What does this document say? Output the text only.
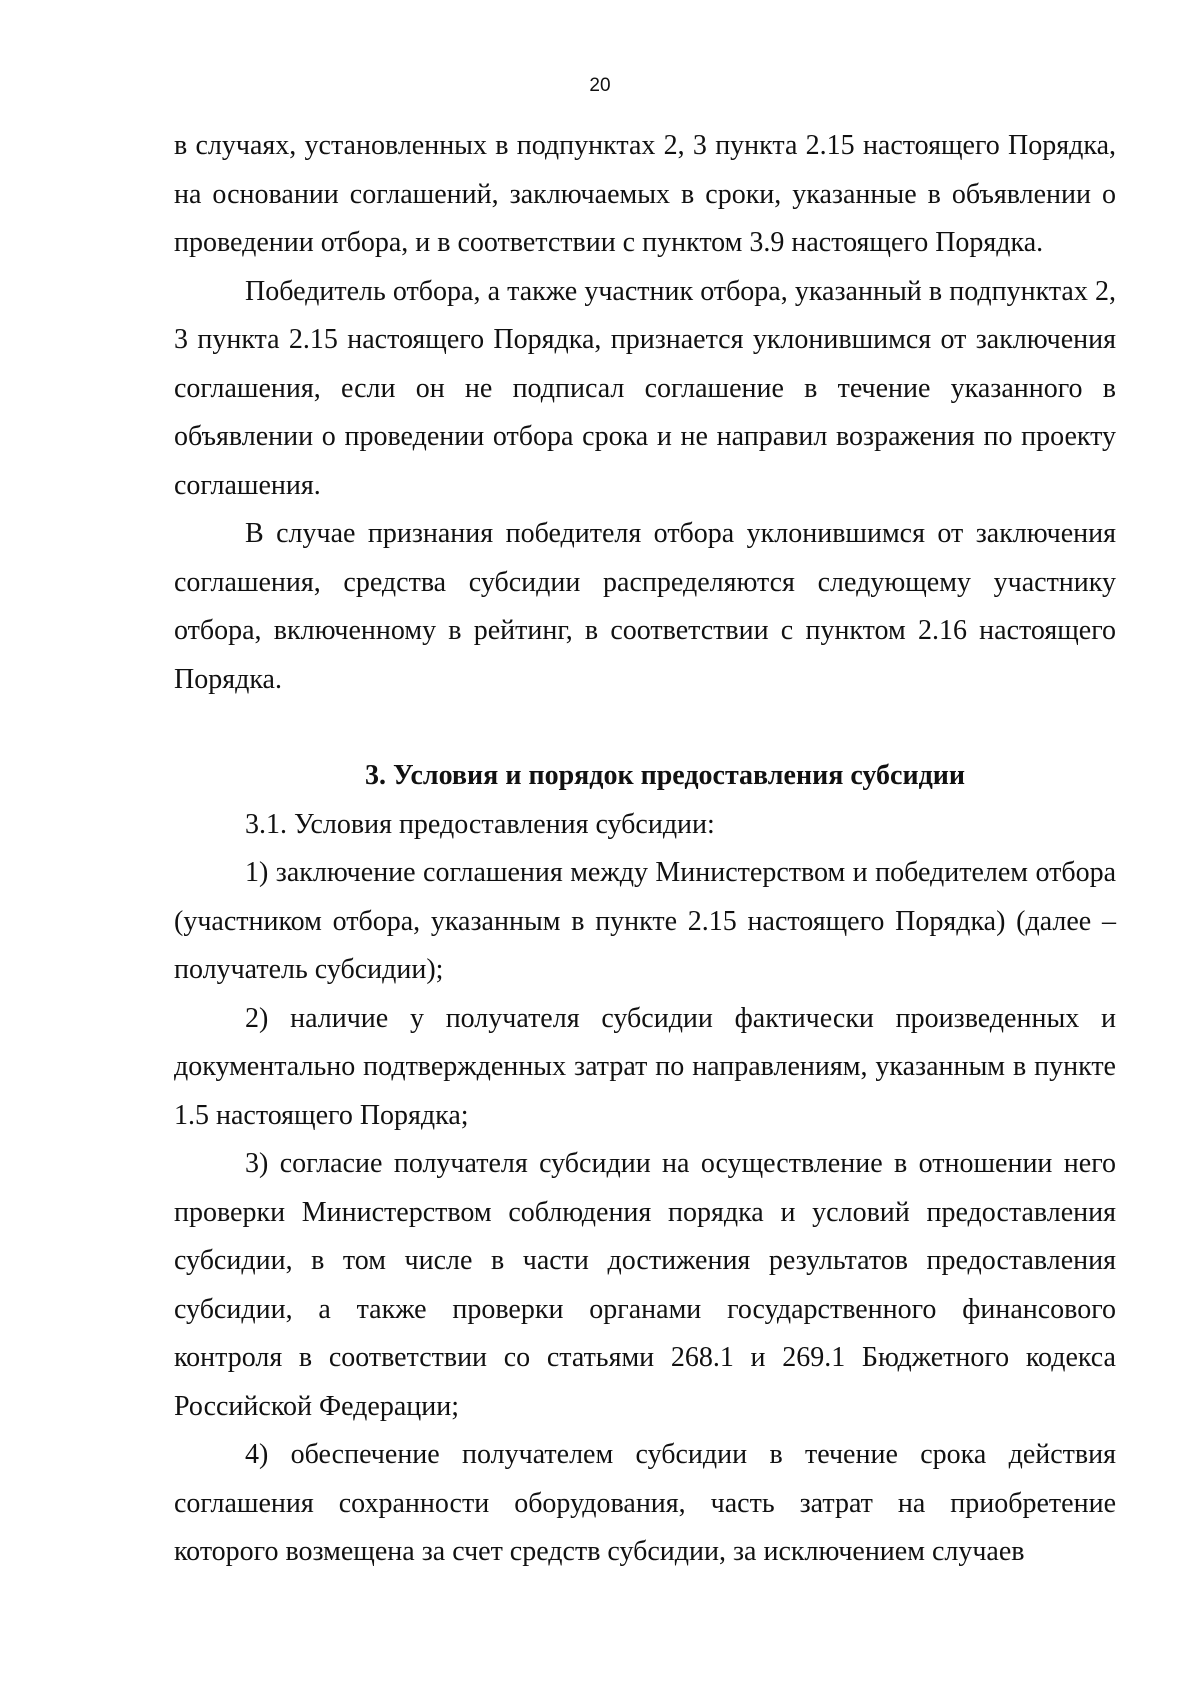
20

в случаях, установленных в подпунктах 2, 3 пункта 2.15 настоящего Порядка, на основании соглашений, заключаемых в сроки, указанные в объявлении о проведении отбора, и в соответствии с пунктом 3.9 настоящего Порядка.

Победитель отбора, а также участник отбора, указанный в подпунктах 2, 3 пункта 2.15 настоящего Порядка, признается уклонившимся от заключения соглашения, если он не подписал соглашение в течение указанного в объявлении о проведении отбора срока и не направил возражения по проекту соглашения.

В случае признания победителя отбора уклонившимся от заключения соглашения, средства субсидии распределяются следующему участнику отбора, включенному в рейтинг, в соответствии с пунктом 2.16 настоящего Порядка.

3. Условия и порядок предоставления субсидии

3.1. Условия предоставления субсидии:

1) заключение соглашения между Министерством и победителем отбора (участником отбора, указанным в пункте 2.15 настоящего Порядка) (далее – получатель субсидии);

2) наличие у получателя субсидии фактически произведенных и документально подтвержденных затрат по направлениям, указанным в пункте 1.5 настоящего Порядка;

3) согласие получателя субсидии на осуществление в отношении него проверки Министерством соблюдения порядка и условий предоставления субсидии, в том числе в части достижения результатов предоставления субсидии, а также проверки органами государственного финансового контроля в соответствии со статьями 268.1 и 269.1 Бюджетного кодекса Российской Федерации;

4) обеспечение получателем субсидии в течение срока действия соглашения сохранности оборудования, часть затрат на приобретение которого возмещена за счет средств субсидии, за исключением случаев
